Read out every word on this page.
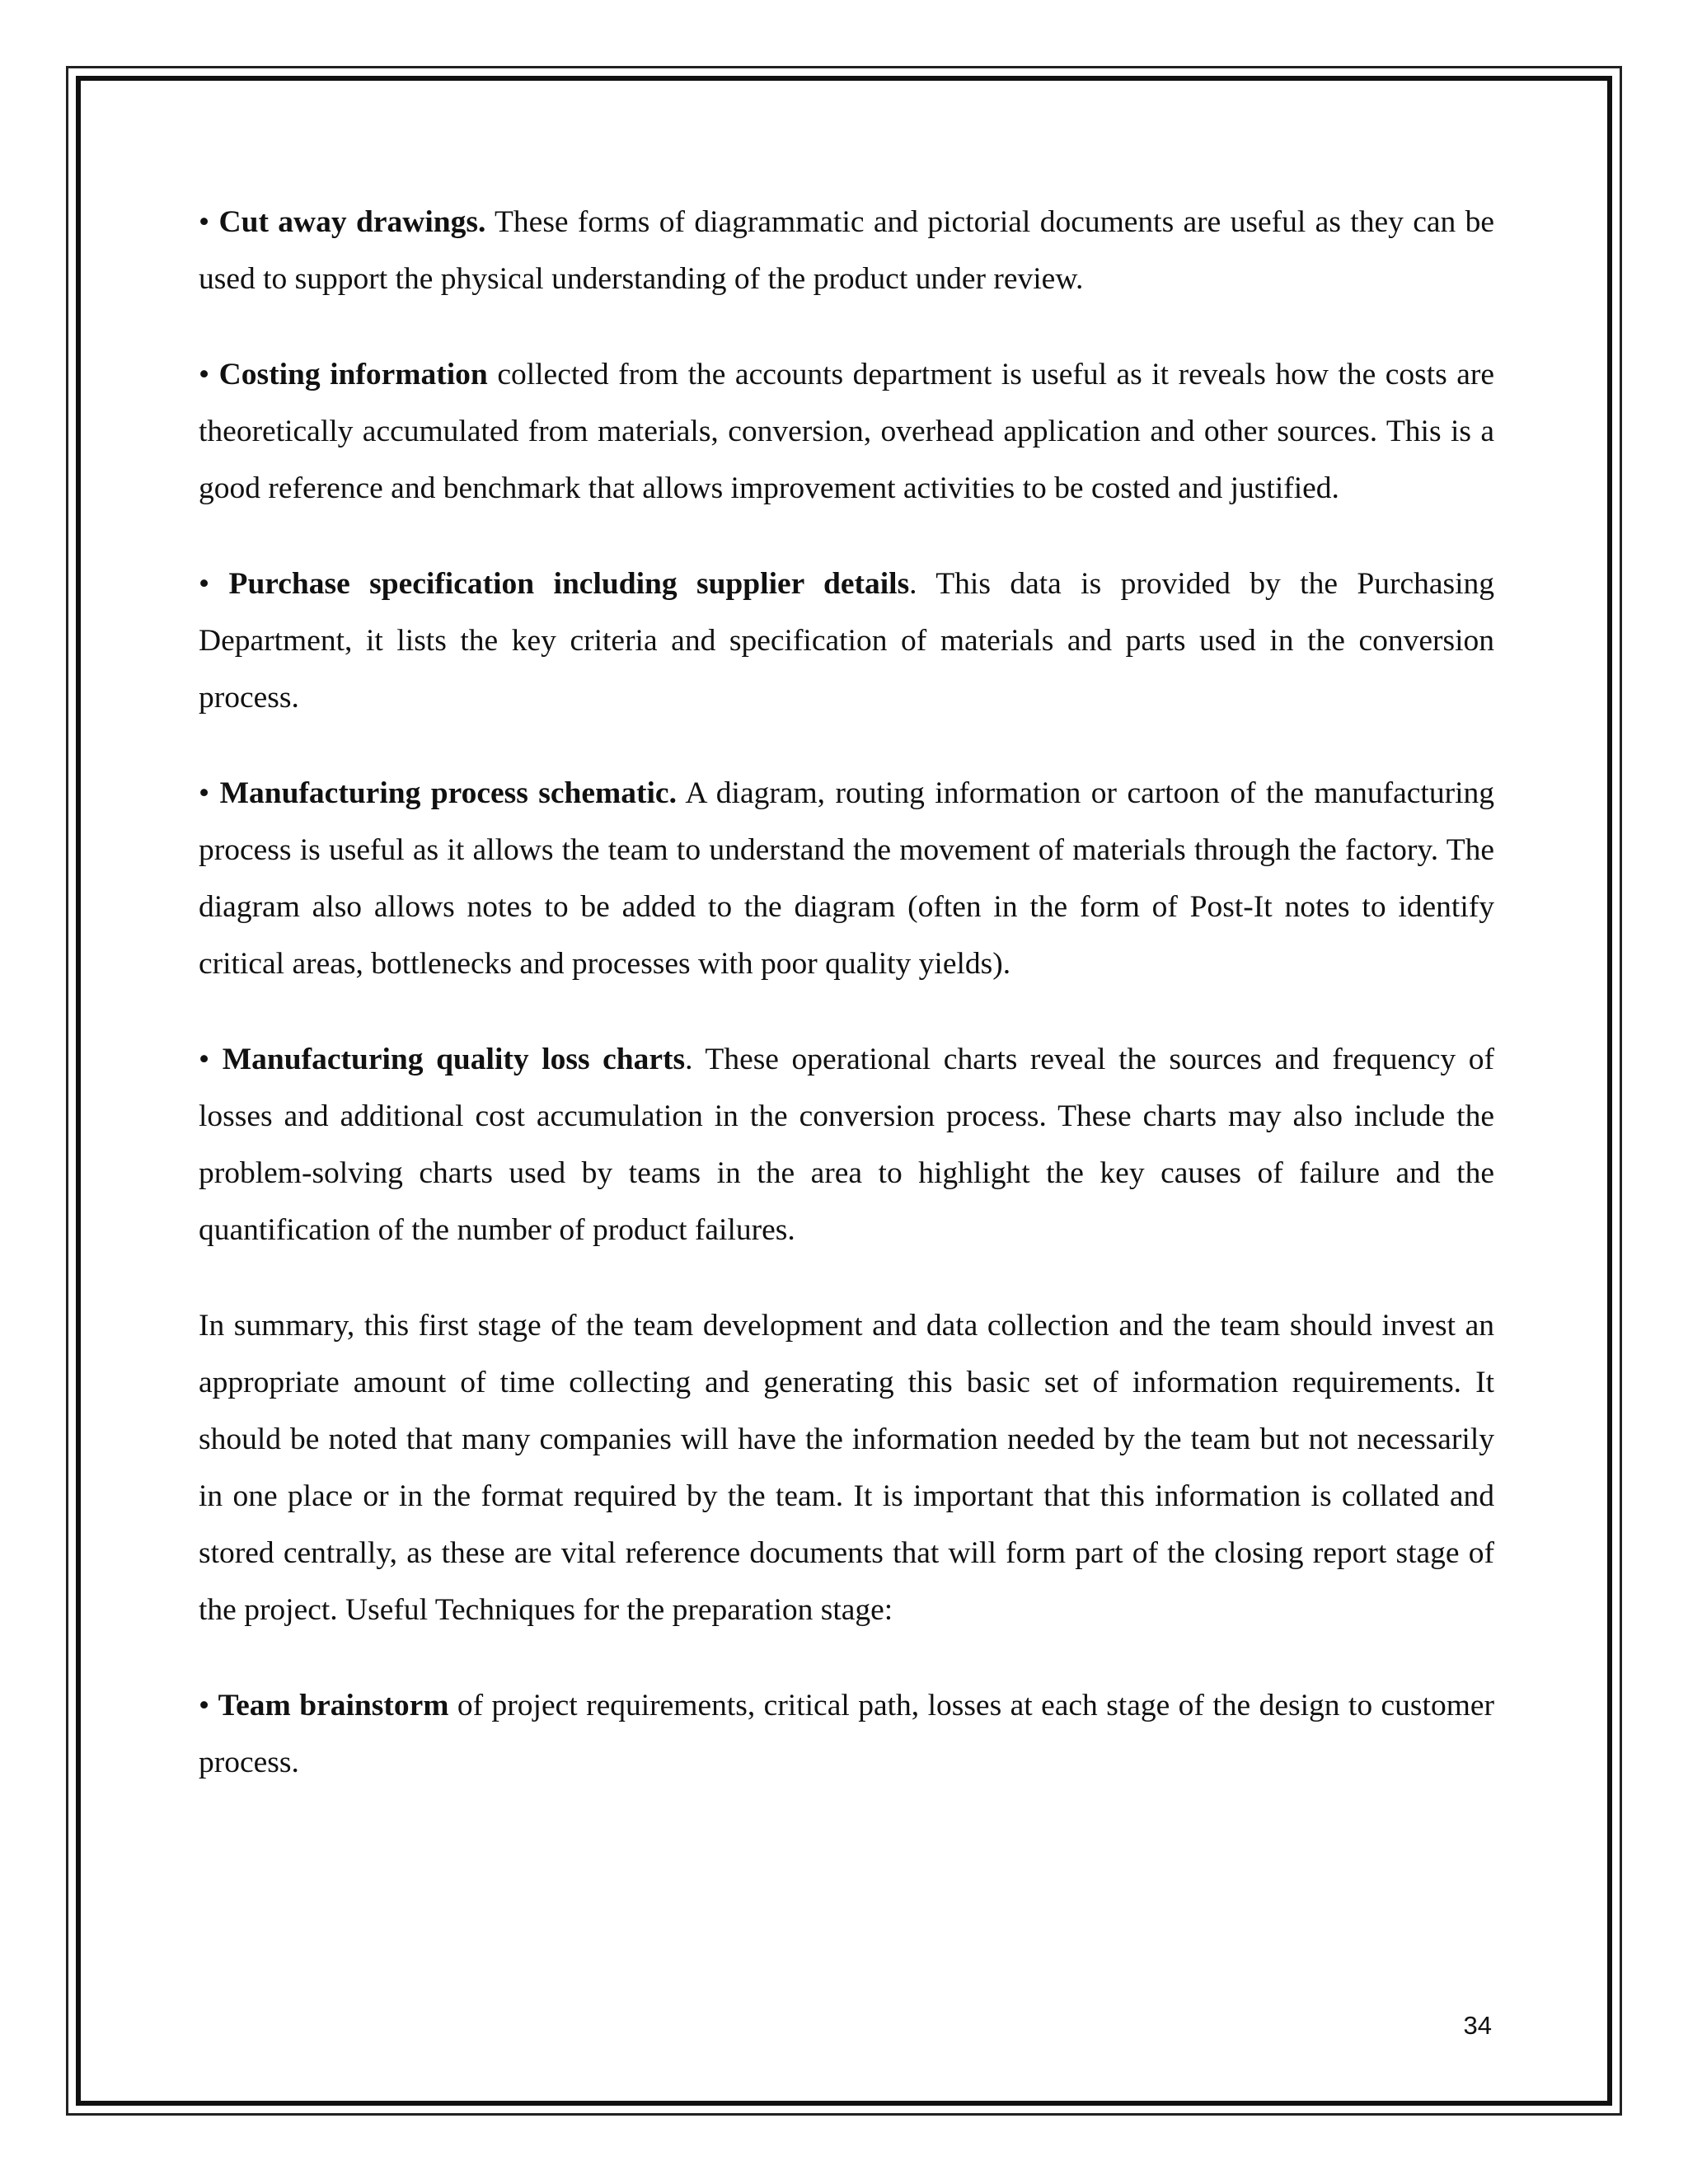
• Cut away drawings. These forms of diagrammatic and pictorial documents are useful as they can be used to support the physical understanding of the product under review.

• Costing information collected from the accounts department is useful as it reveals how the costs are theoretically accumulated from materials, conversion, overhead application and other sources. This is a good reference and benchmark that allows improvement activities to be costed and justified.

• Purchase specification including supplier details. This data is provided by the Purchasing Department, it lists the key criteria and specification of materials and parts used in the conversion process.

• Manufacturing process schematic. A diagram, routing information or cartoon of the manufacturing process is useful as it allows the team to understand the movement of materials through the factory. The diagram also allows notes to be added to the diagram (often in the form of Post-It notes to identify critical areas, bottlenecks and processes with poor quality yields).

• Manufacturing quality loss charts. These operational charts reveal the sources and frequency of losses and additional cost accumulation in the conversion process. These charts may also include the problem-solving charts used by teams in the area to highlight the key causes of failure and the quantification of the number of product failures.

In summary, this first stage of the team development and data collection and the team should invest an appropriate amount of time collecting and generating this basic set of information requirements. It should be noted that many companies will have the information needed by the team but not necessarily in one place or in the format required by the team. It is important that this information is collated and stored centrally, as these are vital reference documents that will form part of the closing report stage of the project. Useful Techniques for the preparation stage:

• Team brainstorm of project requirements, critical path, losses at each stage of the design to customer process.

34
